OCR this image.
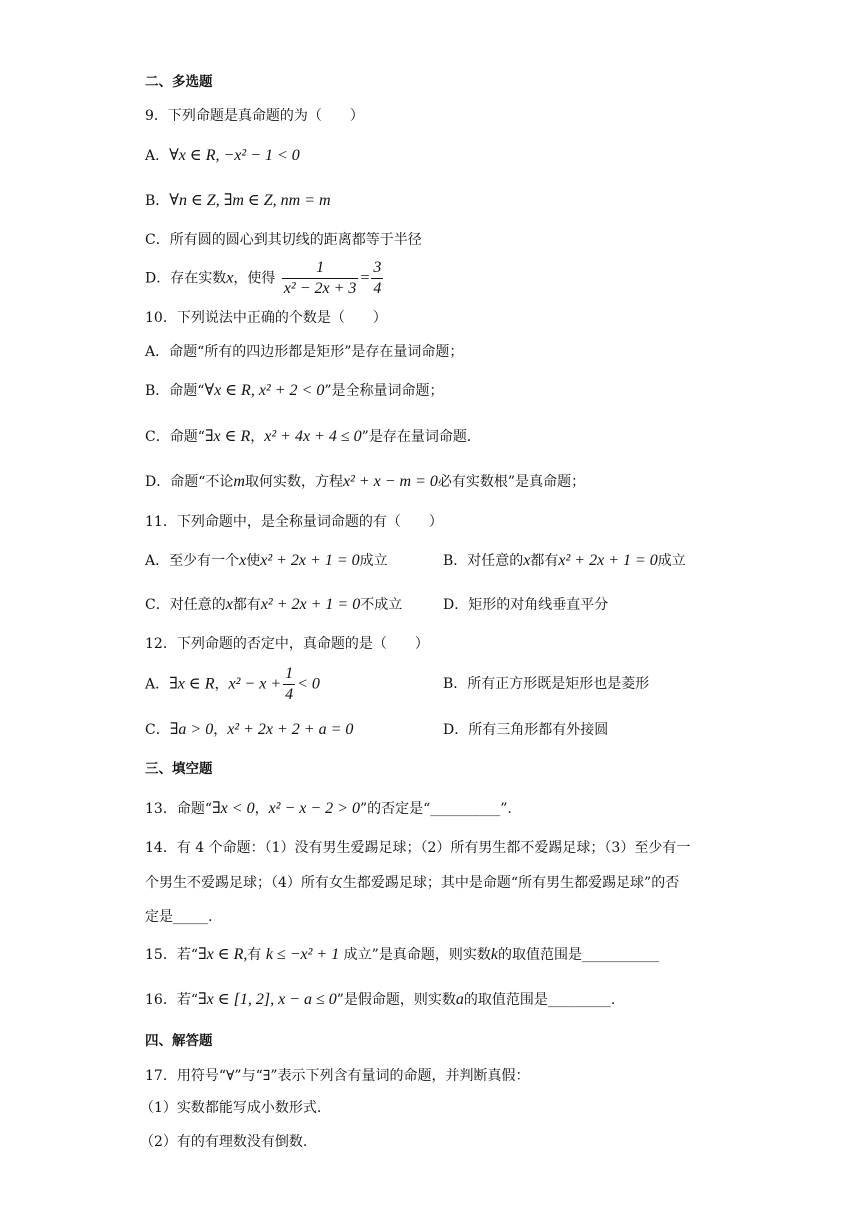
二、多选题
9．下列命题是真命题的为（　　）
A．∀x ∈ R, −x² − 1 < 0
B．∀n ∈ Z, ∃m ∈ Z, nm = m
C．所有圆的圆心到其切线的距离都等于半径
D．存在实数x，使得 $\frac{1}{\text{x² − 2x + 3}} = \frac{3}{4}$
10．下列说法中正确的个数是（　　）
A．命题“所有的四边形都是矩形”是存在量词命题；
B．命题“∀x ∈ R, x² + 2 < 0”是全称量词命题；
C．命题“∃x ∈ R，x² + 4x + 4 ≤ 0”是存在量词命题．
D．命题“不论m取何实数，方程x² + x − m = 0必有实数根”是真命题；
11．下列命题中，是全称量词命题的有（　　）
A．至少有一个x使x² + 2x + 1 = 0成立	B．对任意的x都有x² + 2x + 1 = 0成立
C．对任意的x都有x² + 2x + 1 = 0不成立	D．矩形的对角线垂直平分
12．下列命题的否定中，真命题的是（　　）
A．∃x ∈ R，$x^2 - x + \frac{1}{4} < 0$	B．所有正方形既是矩形也是菱形
C．∃a > 0，x² + 2x + 2 + a = 0	D．所有三角形都有外接圆
三、填空题
13．命题“∃x < 0，x² − x − 2 > 0”的否定是“__________”.
14．有 4 个命题：（1）没有男生爱踢足球；（2）所有男生都不爱踢足球；（3）至少有一
个男生不爱踢足球；（4）所有女生都爱踢足球；其中是命题“所有男生都爱踢足球”的否
定是_____.
15．若“∃x ∈ R,有 k ≤ −x² + 1 成立”是真命题，则实数k的取值范围是___________
16．若“∃x ∈ [1, 2], x − a ≤ 0”是假命题，则实数a的取值范围是_________.
四、解答题
17．用符号“∀”与“∃”表示下列含有量词的命题，并判断真假：
（1）实数都能写成小数形式.
（2）有的有理数没有倒数.
